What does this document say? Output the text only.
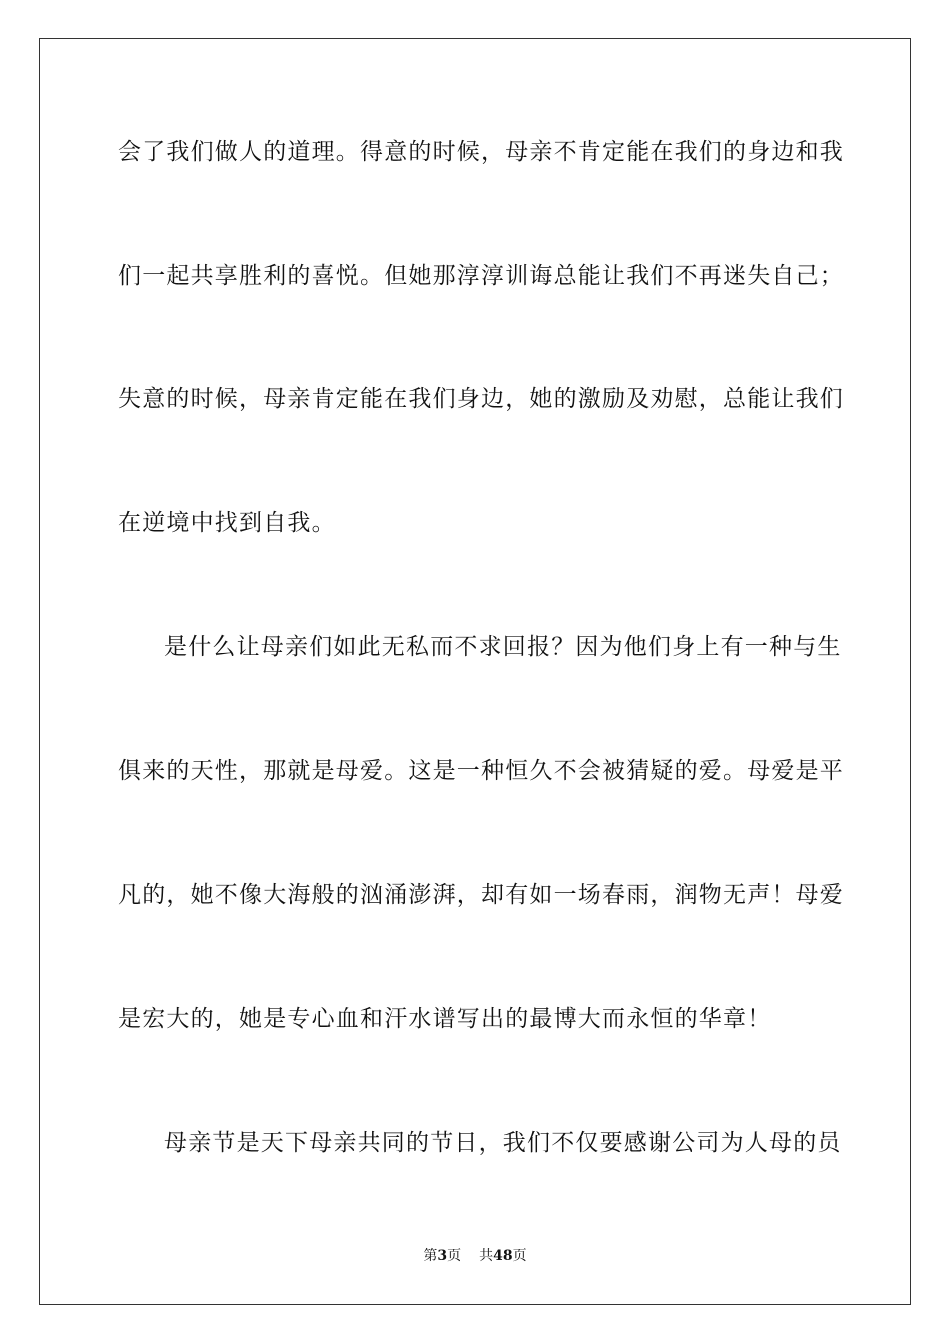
会了我们做人的道理。得意的时候，母亲不肯定能在我们的身边和我
们一起共享胜利的喜悦。但她那淳淳训诲总能让我们不再迷失自己；
失意的时候，母亲肯定能在我们身边，她的激励及劝慰，总能让我们
在逆境中找到自我。
是什么让母亲们如此无私而不求回报？因为他们身上有一种与生
俱来的天性，那就是母爱。这是一种恒久不会被猜疑的爱。母爱是平
凡的，她不像大海般的汹涌澎湃，却有如一场春雨，润物无声！母爱
是宏大的，她是专心血和汗水谱写出的最博大而永恒的华章！
母亲节是天下母亲共同的节日，我们不仅要感谢公司为人母的员
第3页 共48页
